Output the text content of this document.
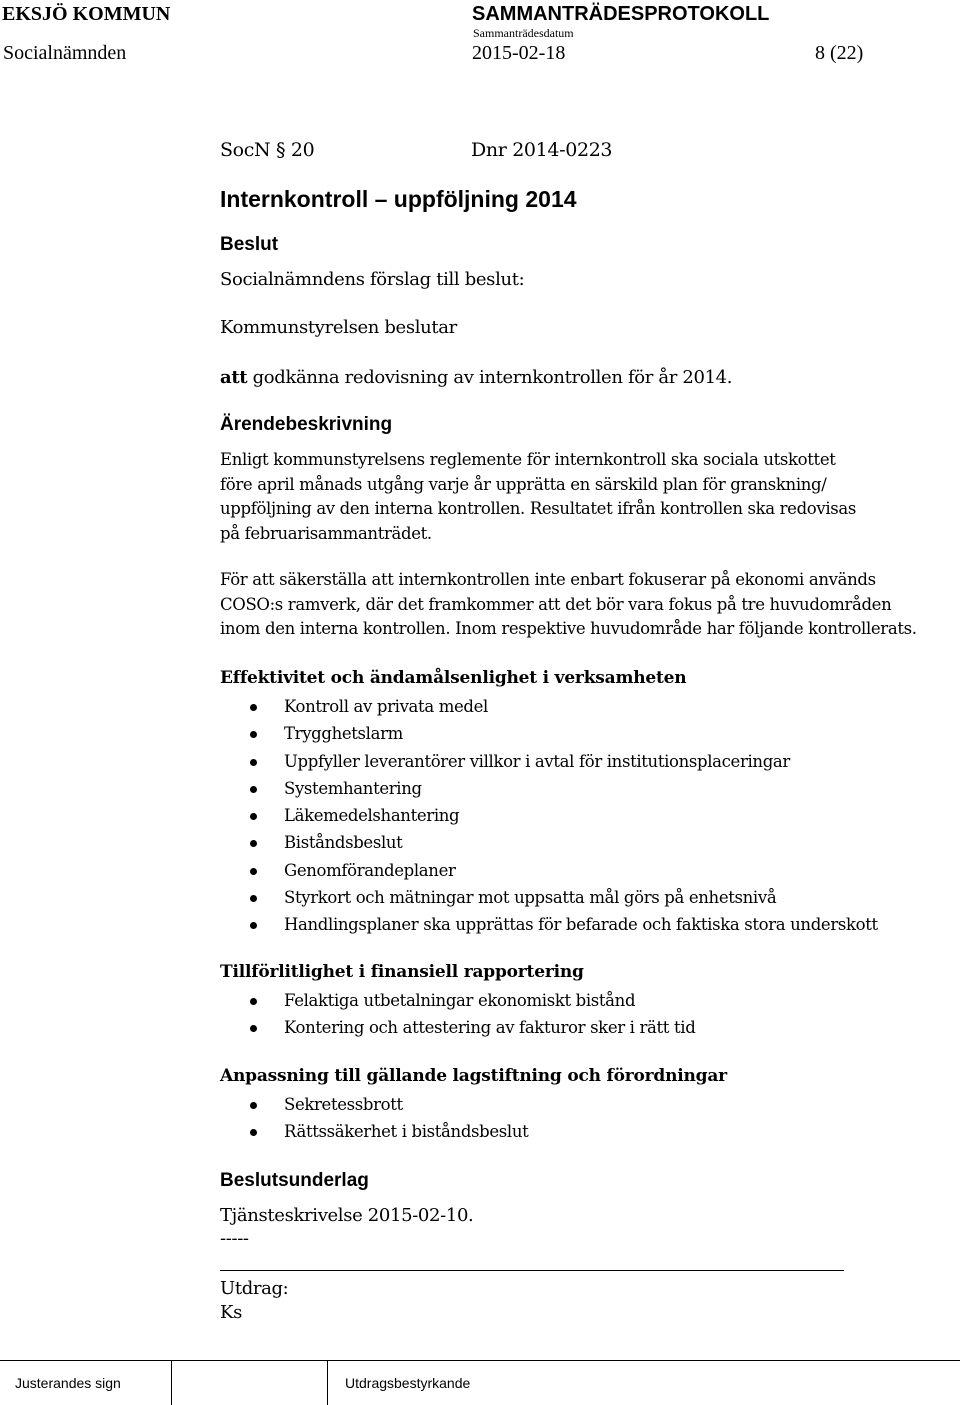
EKSJÖ KOMMUN	SAMMANTRÄDESPROTOKOLL
Sammanträdesdatum
Socialnämnden	2015-02-18	8 (22)
SocN § 20	Dnr 2014-0223
Internkontroll – uppföljning 2014
Beslut
Socialnämndens förslag till beslut:
Kommunstyrelsen beslutar
att godkänna redovisning av internkontrollen för år 2014.
Ärendebeskrivning
Enligt kommunstyrelsens reglemente för internkontroll ska sociala utskottet
före april månads utgång varje år upprätta en särskild plan för granskning/
uppföljning av den interna kontrollen. Resultatet ifrån kontrollen ska redovisas
på februarisammanträdet.
För att säkerställa att internkontrollen inte enbart fokuserar på ekonomi används
COSO:s ramverk, där det framkommer att det bör vara fokus på tre huvudområden
inom den interna kontrollen. Inom respektive huvudområde har följande kontrollerats.
Effektivitet och ändamålsenlighet i verksamheten
Kontroll av privata medel
Trygghetslarm
Uppfyller leverantörer villkor i avtal för institutionsplaceringar
Systemhantering
Läkemedelshantering
Biståndsbeslut
Genomförandeplaner
Styrkort och mätningar mot uppsatta mål görs på enhetsnivå
Handlingsplaner ska upprättas för befarade och faktiska stora underskott
Tillförlitlighet i finansiell rapportering
Felaktiga utbetalningar ekonomiskt bistånd
Kontering och attestering av fakturor sker i rätt tid
Anpassning till gällande lagstiftning och förordningar
Sekretessbrott
Rättssäkerhet i biståndsbeslut
Beslutsunderlag
Tjänsteskrivelse 2015-02-10.
-----
Utdrag:
Ks
Justerandes sign	Utdragsbestyrkande
